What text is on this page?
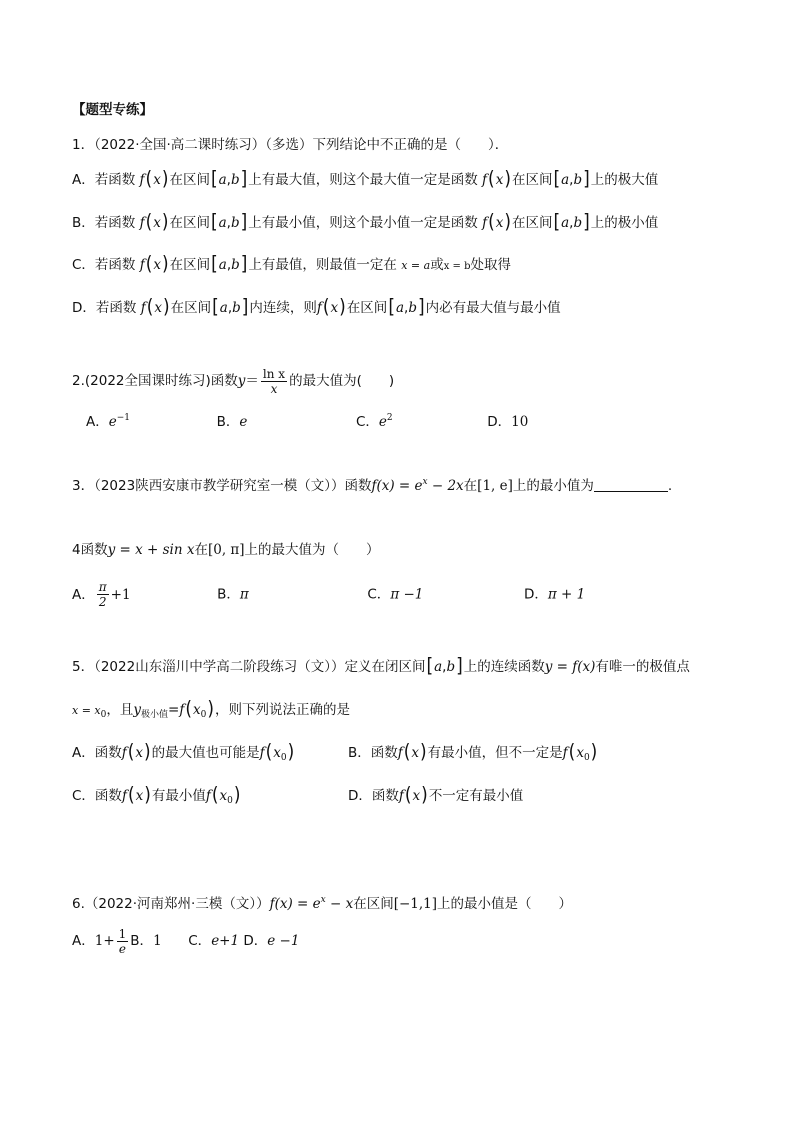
【题型专练】
1．（2022·全国·高二课时练习）（多选）下列结论中不正确的是（　　）．
A．若函数 f(x)在区间[a,b]上有最大值，则这个最大值一定是函数 f(x)在区间[a,b]上的极大值
B．若函数 f(x)在区间[a,b]上有最小值，则这个最小值一定是函数 f(x)在区间[a,b]上的极小值
C．若函数 f(x)在区间[a,b]上有最值，则最值一定在 x = a或x = b处取得
D．若函数 f(x)在区间[a,b]内连续，则f(x)在区间[a,b]内必有最大值与最小值
2.(2022全国课时练习)函数$y= \frac{\text{ln x}}{x}$ 的最大值为(　　)
A．$e^{-1}$	B．e	C．$e^2$	D．10
3．（2023陕西安康市教学研究室一模（文））函数$f(x) = e^x - 2x$在[1, e]上的最小值为	.
4函数y = x + sin x在[0, π]上的最大值为（　　）
A． $\frac{\pi}{2} +1$	B．π	C．π −1	D．π + 1
5．（2022山东淄川中学高二阶段练习（文））定义在闭区间[a,b]上的连续函数y = f(x)有唯一的极值点
$x = x_0$，且$y_{极小值}=f(x_0)$，则下列说法正确的是
A．函数f(x)的最大值也可能是$f(x_0)$	B．函数f(x)有最小值，但不一定是$f(x_0)$
C．函数f(x)有最小值$f(x_0)$	D．函数f(x)不一定有最小值
6.（2022·河南郑州·三模（文））$f(x) = e^x - x$在区间[−1,1]上的最小值是（　　）
A．$1+ \frac{1}{e}$ B．1 C．e+1 D．e −1
